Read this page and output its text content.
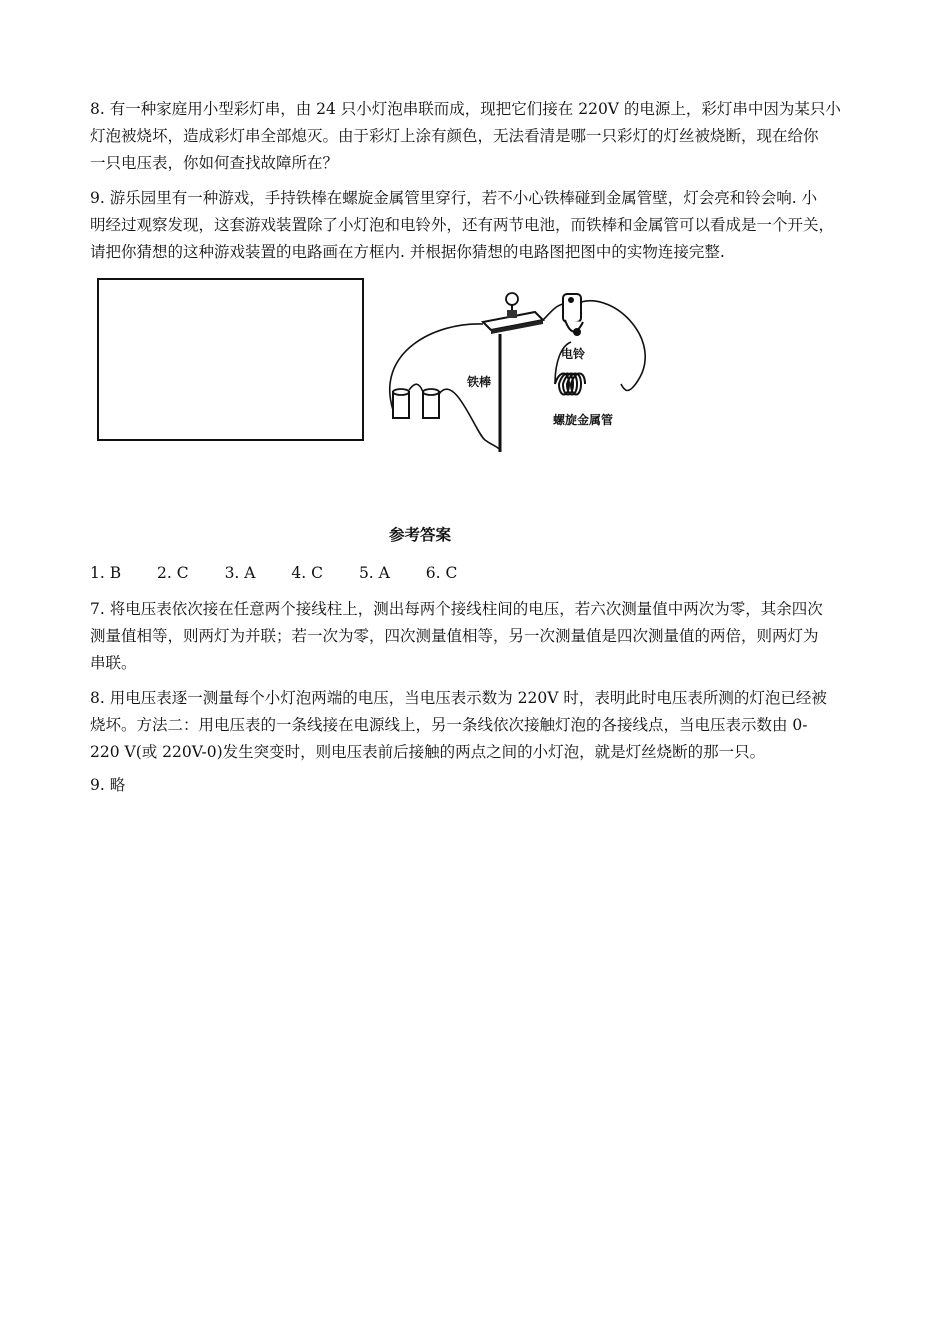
8. 有一种家庭用小型彩灯串，由 24 只小灯泡串联而成，现把它们接在 220V 的电源上，彩灯串中因为某只小
灯泡被烧坏，造成彩灯串全部熄灭。由于彩灯上涂有颜色，无法看清是哪一只彩灯的灯丝被烧断，现在给你
一只电压表，你如何查找故障所在？

9. 游乐园里有一种游戏，手持铁棒在螺旋金属管里穿行，若不小心铁棒碰到金属管壁，灯会亮和铃会响. 小
明经过观察发现，这套游戏装置除了小灯泡和电铃外，还有两节电池，而铁棒和金属管可以看成是一个开关，
请把你猜想的这种游戏装置的电路画在方框内. 并根据你猜想的电路图把图中的实物连接完整.

铁棒
电铃
螺旋金属管
参考答案
1. B 2. C 3. A 4. C 5. A 6. C

7. 将电压表依次接在任意两个接线柱上，测出每两个接线柱间的电压，若六次测量值中两次为零，其余四次
测量值相等，则两灯为并联；若一次为零，四次测量值相等，另一次测量值是四次测量值的两倍，则两灯为
串联。

8. 用电压表逐一测量每个小灯泡两端的电压，当电压表示数为 220V 时，表明此时电压表所测的灯泡已经被
烧坏。方法二：用电压表的一条线接在电源线上，另一条线依次接触灯泡的各接线点，当电压表示数由 0-
220 V(或 220V-0)发生突变时，则电压表前后接触的两点之间的小灯泡，就是灯丝烧断的那一只。

9. 略
